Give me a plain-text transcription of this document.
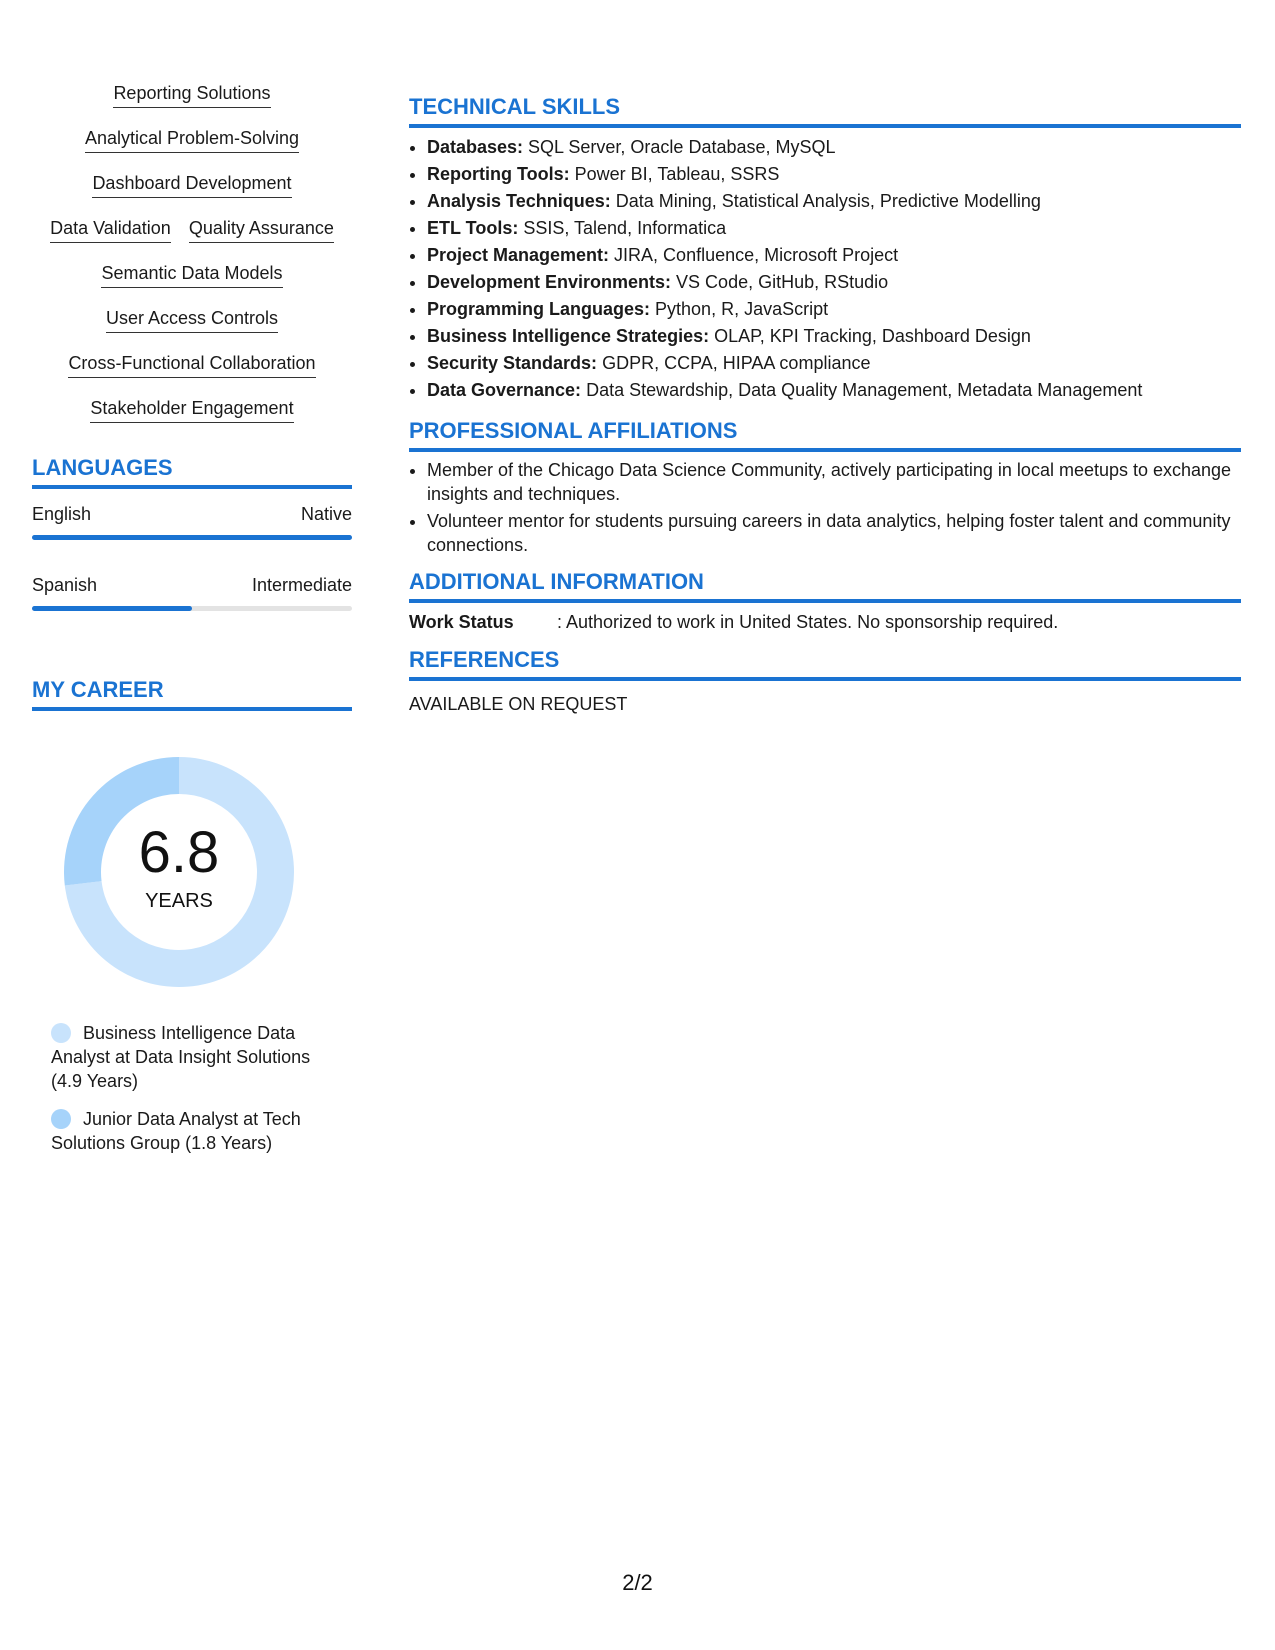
Reporting Solutions
Analytical Problem-Solving
Dashboard Development
Data Validation Quality Assurance
Semantic Data Models
User Access Controls
Cross-Functional Collaboration
Stakeholder Engagement
LANGUAGES
English	Native
Spanish	Intermediate
MY CAREER
6.8
YEARS
Business Intelligence Data Analyst at Data Insight Solutions (4.9 Years)
Junior Data Analyst at Tech Solutions Group (1.8 Years)
TECHNICAL SKILLS
• Databases: SQL Server, Oracle Database, MySQL
• Reporting Tools: Power BI, Tableau, SSRS
• Analysis Techniques: Data Mining, Statistical Analysis, Predictive Modelling
• ETL Tools: SSIS, Talend, Informatica
• Project Management: JIRA, Confluence, Microsoft Project
• Development Environments: VS Code, GitHub, RStudio
• Programming Languages: Python, R, JavaScript
• Business Intelligence Strategies: OLAP, KPI Tracking, Dashboard Design
• Security Standards: GDPR, CCPA, HIPAA compliance
• Data Governance: Data Stewardship, Data Quality Management, Metadata Management
PROFESSIONAL AFFILIATIONS
• Member of the Chicago Data Science Community, actively participating in local meetups to exchange insights and techniques.
• Volunteer mentor for students pursuing careers in data analytics, helping foster talent and community connections.
ADDITIONAL INFORMATION
Work Status	: Authorized to work in United States. No sponsorship required.
REFERENCES
AVAILABLE ON REQUEST
2/2
